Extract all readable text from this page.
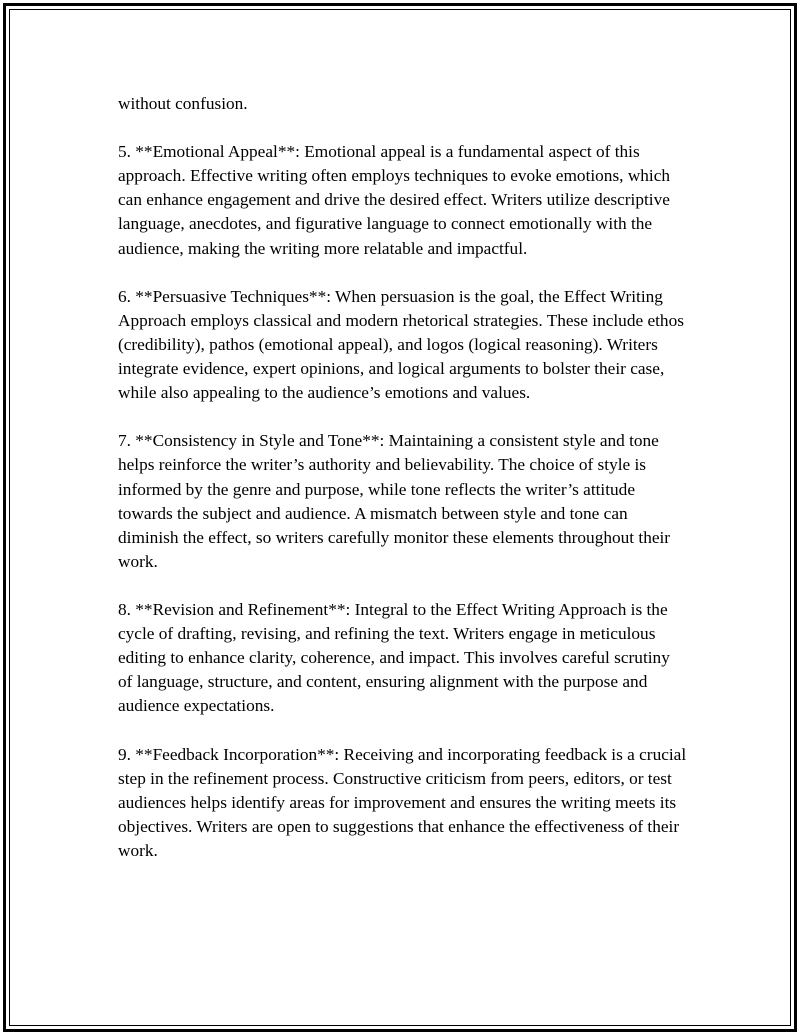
without confusion.

5. **Emotional Appeal**: Emotional appeal is a fundamental aspect of this approach. Effective writing often employs techniques to evoke emotions, which can enhance engagement and drive the desired effect. Writers utilize descriptive language, anecdotes, and figurative language to connect emotionally with the audience, making the writing more relatable and impactful.

6. **Persuasive Techniques**: When persuasion is the goal, the Effect Writing Approach employs classical and modern rhetorical strategies. These include ethos (credibility), pathos (emotional appeal), and logos (logical reasoning). Writers integrate evidence, expert opinions, and logical arguments to bolster their case, while also appealing to the audience’s emotions and values.

7. **Consistency in Style and Tone**: Maintaining a consistent style and tone helps reinforce the writer’s authority and believability. The choice of style is informed by the genre and purpose, while tone reflects the writer’s attitude towards the subject and audience. A mismatch between style and tone can diminish the effect, so writers carefully monitor these elements throughout their work.

8. **Revision and Refinement**: Integral to the Effect Writing Approach is the cycle of drafting, revising, and refining the text. Writers engage in meticulous editing to enhance clarity, coherence, and impact. This involves careful scrutiny of language, structure, and content, ensuring alignment with the purpose and audience expectations.

9. **Feedback Incorporation**: Receiving and incorporating feedback is a crucial step in the refinement process. Constructive criticism from peers, editors, or test audiences helps identify areas for improvement and ensures the writing meets its objectives. Writers are open to suggestions that enhance the effectiveness of their work.
